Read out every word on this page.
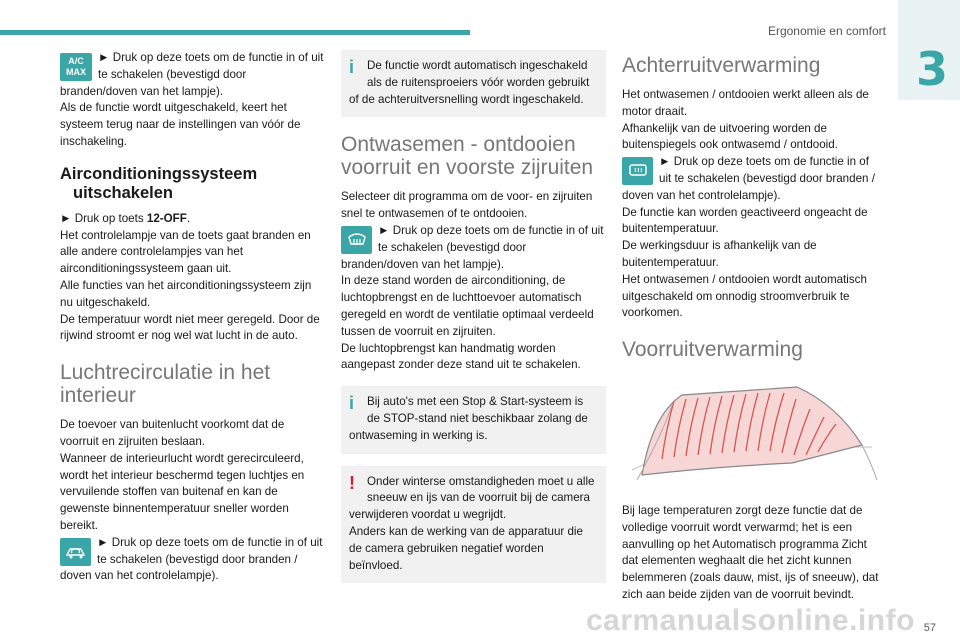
Ergonomie en comfort
3
A/C
MAX

► Druk op deze toets om de functie in of uit te schakelen (bevestigd door branden/doven van het lampje).

Als de functie wordt uitgeschakeld, keert het systeem terug naar de instellingen van vóór de inschakeling.

Airconditioningssysteem
uitschakelen

► Druk op toets 12-OFF.

Het controlelampje van de toets gaat branden en alle andere controlelampjes van het airconditioningssysteem gaan uit.

Alle functies van het airconditioningssysteem zijn nu uitgeschakeld.

De temperatuur wordt niet meer geregeld. Door de rijwind stroomt er nog wel wat lucht in de auto.

Luchtrecirculatie in het interieur

De toevoer van buitenlucht voorkomt dat de voorruit en zijruiten beslaan.

Wanneer de interieurlucht wordt gerecirculeerd, wordt het interieur beschermd tegen luchtjes en vervuilende stoffen van buitenaf en kan de gewenste binnentemperatuur sneller worden bereikt.

► Druk op deze toets om de functie in of uit te schakelen (bevestigd door branden / doven van het controlelampje).

i	De functie wordt automatisch ingeschakeld als de ruitensproeiers vóór worden gebruikt of de achteruitversnelling wordt ingeschakeld.
Ontwasemen - ontdooien voorruit en voorste zijruiten

Selecteer dit programma om de voor- en zijruiten snel te ontwasemen of te ontdooien.

► Druk op deze toets om de functie in of uit te schakelen (bevestigd door branden/doven van het lampje).

In deze stand worden de airconditioning, de luchtopbrengst en de luchttoevoer automatisch geregeld en wordt de ventilatie optimaal verdeeld tussen de voorruit en zijruiten.

De luchtopbrengst kan handmatig worden aangepast zonder deze stand uit te schakelen.

i	Bij auto's met een Stop & Start-systeem is de STOP-stand niet beschikbaar zolang de ontwaseming in werking is.
!	Onder winterse omstandigheden moet u alle sneeuw en ijs van de voorruit bij de camera verwijderen voordat u wegrijdt.
Anders kan de werking van de apparatuur die de camera gebruiken negatief worden beïnvloed.
Achterruitverwarming

Het ontwasemen / ontdooien werkt alleen als de motor draait.

Afhankelijk van de uitvoering worden de buitenspiegels ook ontwasemd / ontdooid.

► Druk op deze toets om de functie in of uit te schakelen (bevestigd door branden / doven van het controlelampje).

De functie kan worden geactiveerd ongeacht de buitentemperatuur.

De werkingsduur is afhankelijk van de buitentemperatuur.

Het ontwasemen / ontdooien wordt automatisch uitgeschakeld om onnodig stroomverbruik te voorkomen.

Voorruitverwarming

Bij lage temperaturen zorgt deze functie dat de volledige voorruit wordt verwarmd; het is een aanvulling op het Automatisch programma Zicht dat elementen weghaalt die het zicht kunnen belemmeren (zoals dauw, mist, ijs of sneeuw), dat zich aan beide zijden van de voorruit bevindt.

carmanualsonline.info 57
